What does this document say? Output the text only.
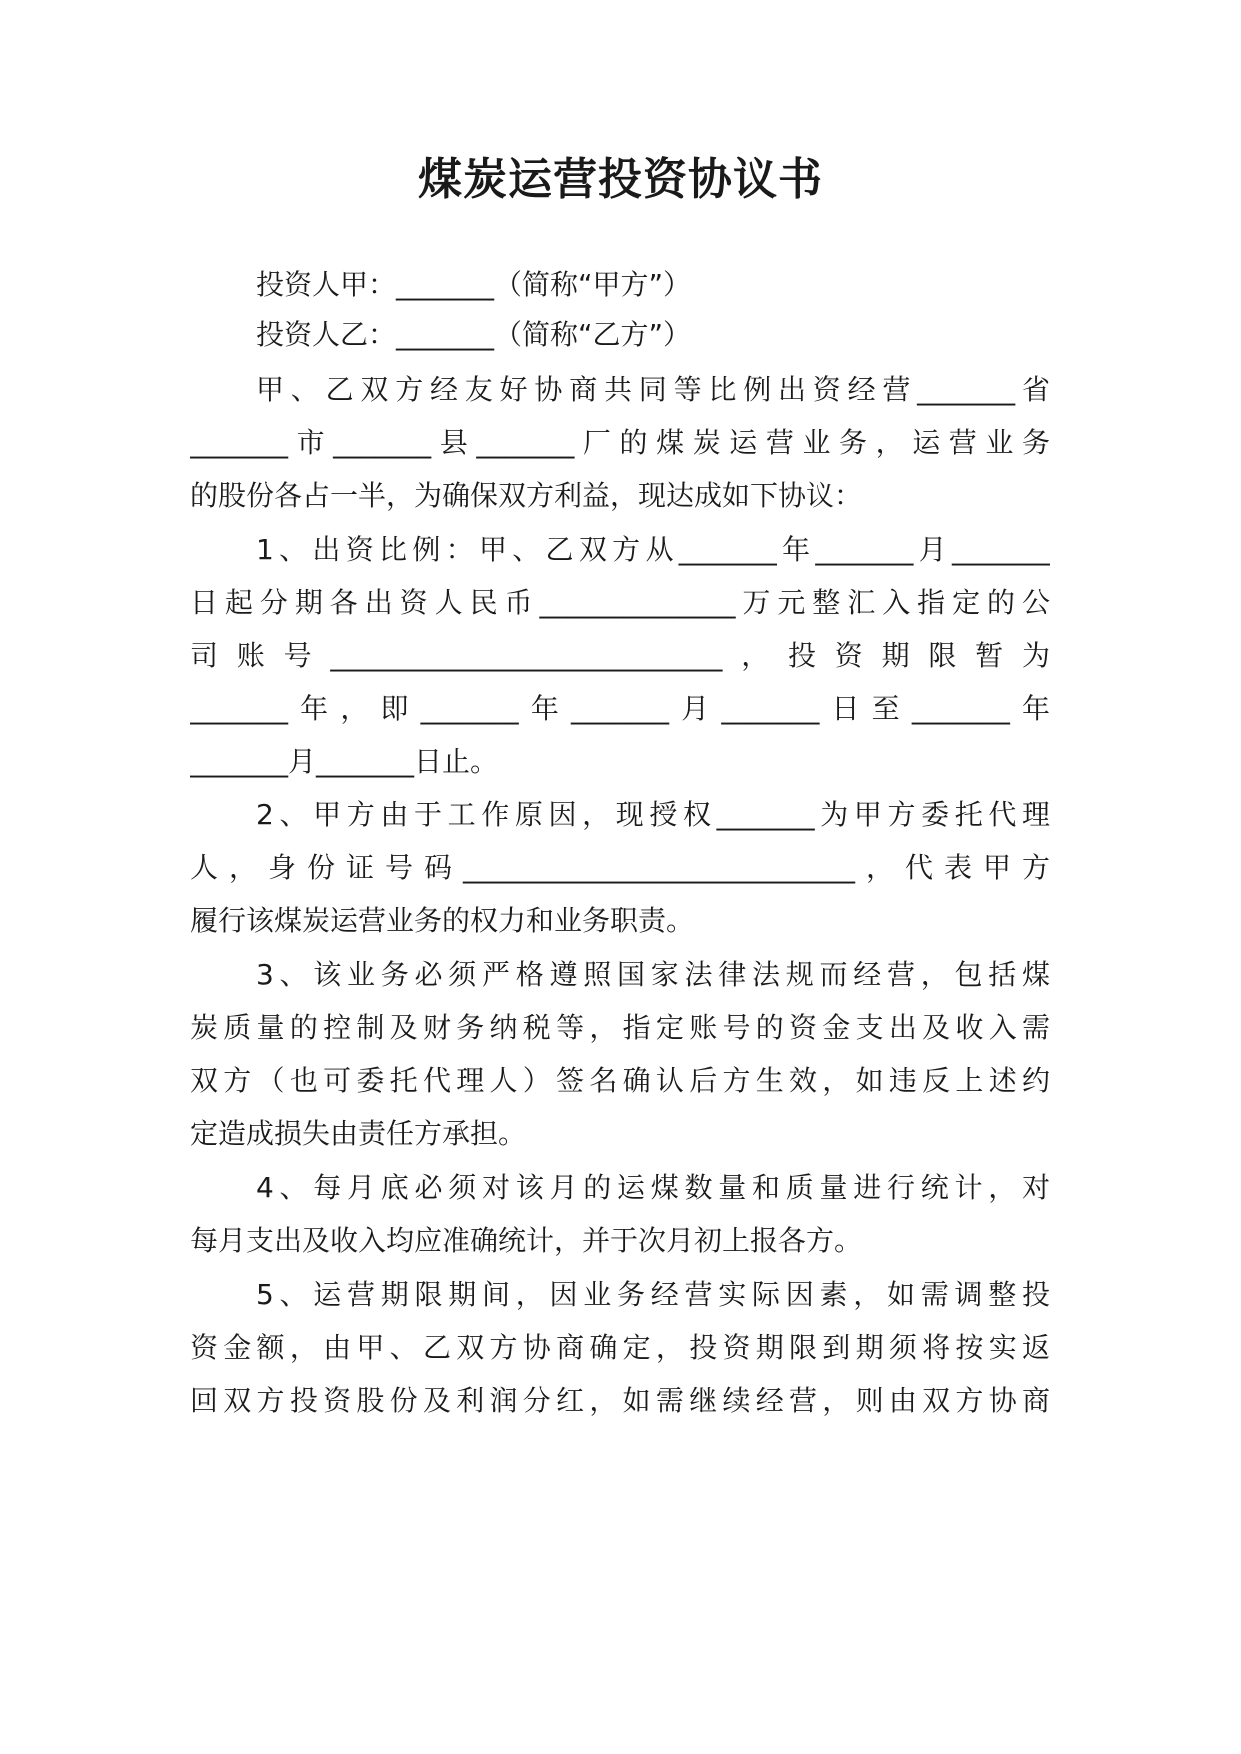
煤炭运营投资协议书
投资人甲：_______（简称“甲方”）
投资人乙：_______（简称“乙方”）
甲、乙双方经友好协商共同等比例出资经营_______省
_______市_______县_______厂的煤炭运营业务，运营业务
的股份各占一半，为确保双方利益，现达成如下协议：
1、出资比例：甲、乙双方从_______年_______月_______
日起分期各出资人民币______________万元整汇入指定的公
司账号____________________________，投资期限暂为
_______年，即_______年_______月_______日至_______年
_______月_______日止。
2、甲方由于工作原因，现授权_______为甲方委托代理
人，身份证号码____________________________，代表甲方
履行该煤炭运营业务的权力和业务职责。
3、该业务必须严格遵照国家法律法规而经营，包括煤
炭质量的控制及财务纳税等，指定账号的资金支出及收入需
双方（也可委托代理人）签名确认后方生效，如违反上述约
定造成损失由责任方承担。
4、每月底必须对该月的运煤数量和质量进行统计，对
每月支出及收入均应准确统计，并于次月初上报各方。
5、运营期限期间，因业务经营实际因素，如需调整投
资金额，由甲、乙双方协商确定，投资期限到期须将按实返
回双方投资股份及利润分红，如需继续经营，则由双方协商
